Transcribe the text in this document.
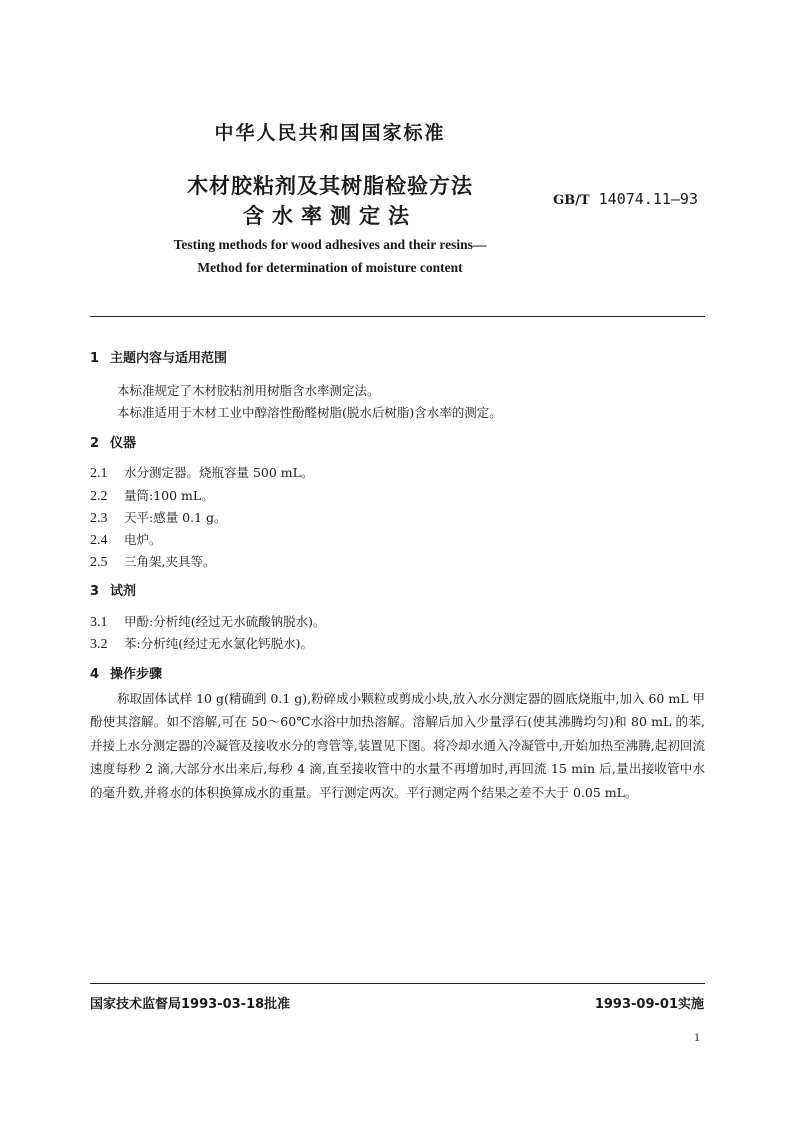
中华人民共和国国家标准
木材胶粘剂及其树脂检验方法
含水率测定法
GB/T 14074.11—93
Testing methods for wood adhesives and their resins—
Method for determination of moisture content
1 主题内容与适用范围
本标准规定了木材胶粘剂用树脂含水率测定法。
本标准适用于木材工业中醇溶性酚醛树脂(脱水后树脂)含水率的测定。
2 仪器
2.1 水分测定器。烧瓶容量 500 mL。
2.2 量筒:100 mL。
2.3 天平:感量 0.1 g。
2.4 电炉。
2.5 三角架,夹具等。
3 试剂
3.1 甲酚:分析纯(经过无水硫酸钠脱水)。
3.2 苯:分析纯(经过无水氯化钙脱水)。
4 操作步骤
称取固体试样 10 g(精确到 0.1 g),粉碎成小颗粒或剪成小块,放入水分测定器的圆底烧瓶中,加入 60 mL 甲酚使其溶解。如不溶解,可在 50～60℃水浴中加热溶解。溶解后加入少量浮石(使其沸腾均匀)和 80 mL 的苯,并接上水分测定器的冷凝管及接收水分的弯管等,装置见下图。将冷却水通入冷凝管中,开始加热至沸腾,起初回流速度每秒 2 滴,大部分水出来后,每秒 4 滴,直至接收管中的水量不再增加时,再回流 15 min 后,量出接收管中水的毫升数,并将水的体积换算成水的重量。平行测定两次。平行测定两个结果之差不大于 0.05 mL。
国家技术监督局1993-03-18批准	1993-09-01实施
1
